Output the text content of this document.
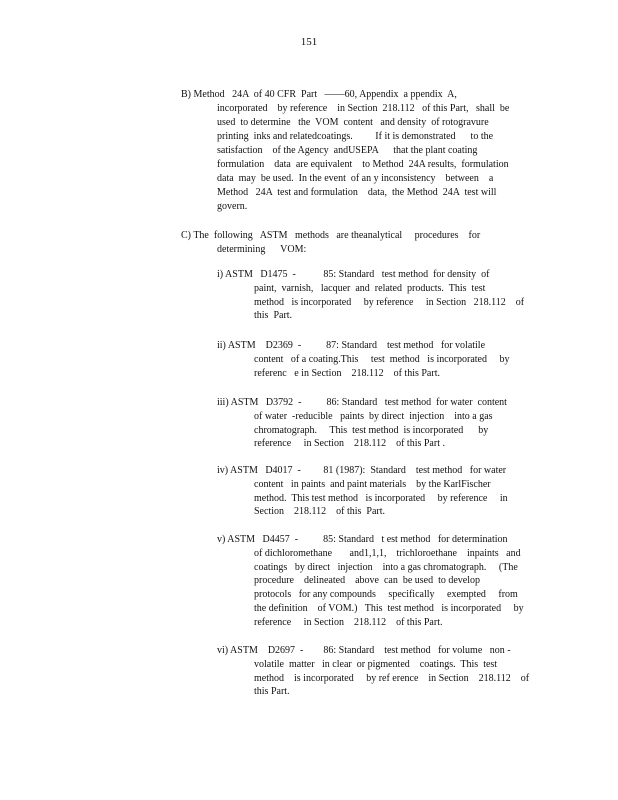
151
B) Method   24A  of 40 CFR  Part   ——60, Appendix  a ppendix  A,
incorporated    by reference    in Section  218.112   of this Part,   shall  be
used  to determine   the  VOM  content   and density  of rotogravure
printing  inks and relatedcoatings.         If it is demonstrated      to the
satisfaction    of the Agency  andUSEPA      that the plant coating
formulation    data  are equivalent    to Method  24A results,  formulation
data  may  be used.  In the event  of an y inconsistency    between    a
Method   24A  test and formulation    data,  the Method  24A  test will
govern.
C) The  following   ASTM   methods   are theanalytical     procedures    for
determining      VOM:
i) ASTM   D1475  -           85: Standard   test method  for density  of
paint,  varnish,   lacquer  and  related  products.  This  test
method   is incorporated     by reference     in Section   218.112    of
this  Part.
ii) ASTM    D2369  -          87: Standard    test method   for volatile
content   of a coating.This     test  method   is incorporated     by
referenc   e in Section    218.112    of this Part.
iii) ASTM   D3792  -          86: Standard   test method  for water  content
of water  -reducible   paints  by direct  injection    into a gas
chromatograph.     This  test method  is incorporated      by
reference     in Section    218.112    of this Part .
iv) ASTM   D4017  -         81 (1987):  Standard    test method   for water
content   in paints  and paint materials    by the KarlFischer
method.  This test method   is incorporated     by reference     in
Section    218.112    of this  Part.
v) ASTM   D4457  -          85: Standard   t est method   for determination
of dichloromethane       and1,1,1,    trichloroethane    inpaints   and
coatings   by direct   injection    into a gas chromatograph.     (The
procedure    delineated    above  can  be used  to develop
protocols   for any compounds     specifically     exempted     from
the definition    of VOM.)   This  test method   is incorporated     by
reference     in Section    218.112    of this Part.
vi) ASTM    D2697  -        86: Standard    test method   for volume   non -
volatile  matter   in clear  or pigmented    coatings.  This  test
method    is incorporated     by ref erence    in Section    218.112    of
this Part.
